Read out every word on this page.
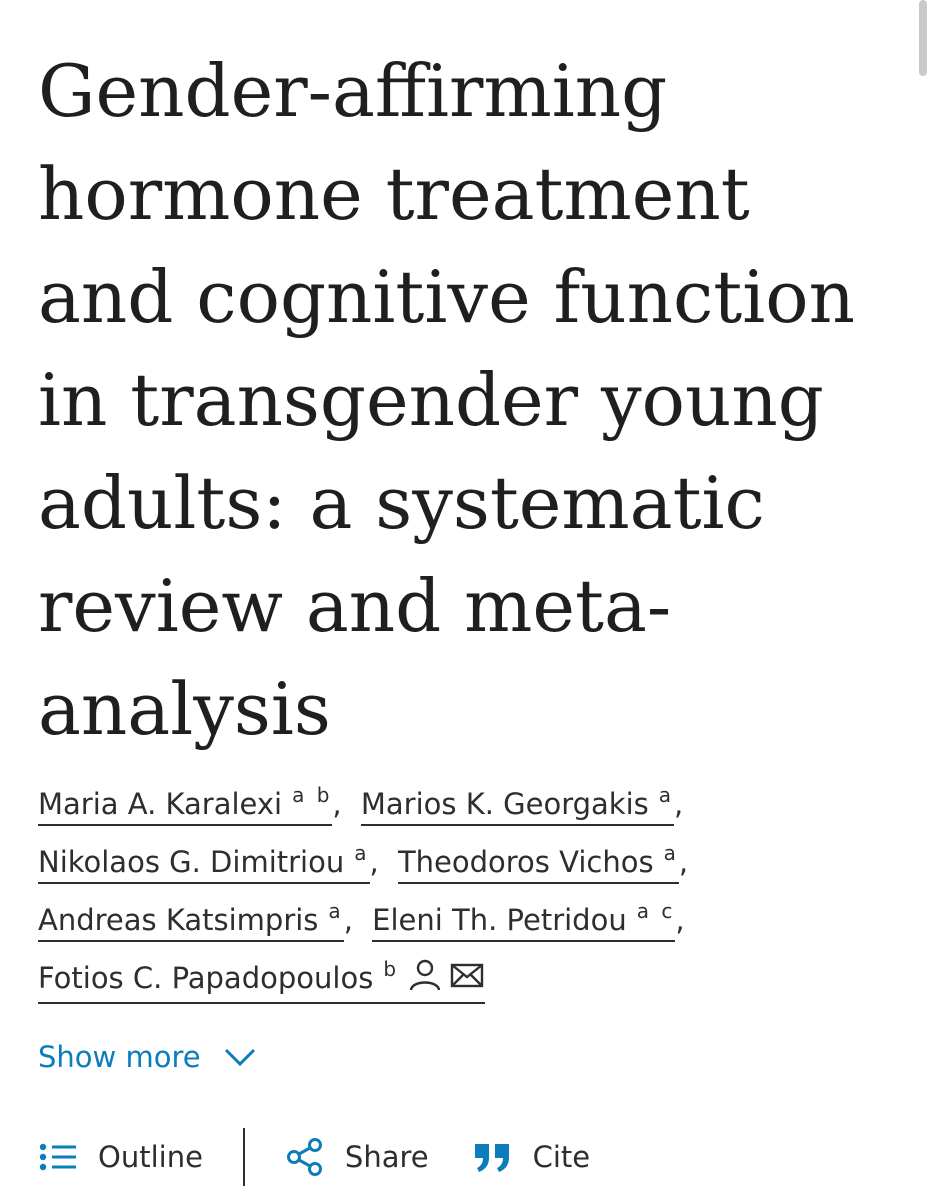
Gender-affirming hormone treatment and cognitive function in transgender young adults: a systematic review and meta-analysis
Maria A. Karalexi $^{a b}$, Marios K. Georgakis $^a$,
Nikolaos G. Dimitriou $^a$, Theodoros Vichos $^a$,
Andreas Katsimpris $^a$, Eleni Th. Petridou $^{a c}$,
Fotios C. Papadopoulos $^b$
Show more
Outline	Share	Cite
